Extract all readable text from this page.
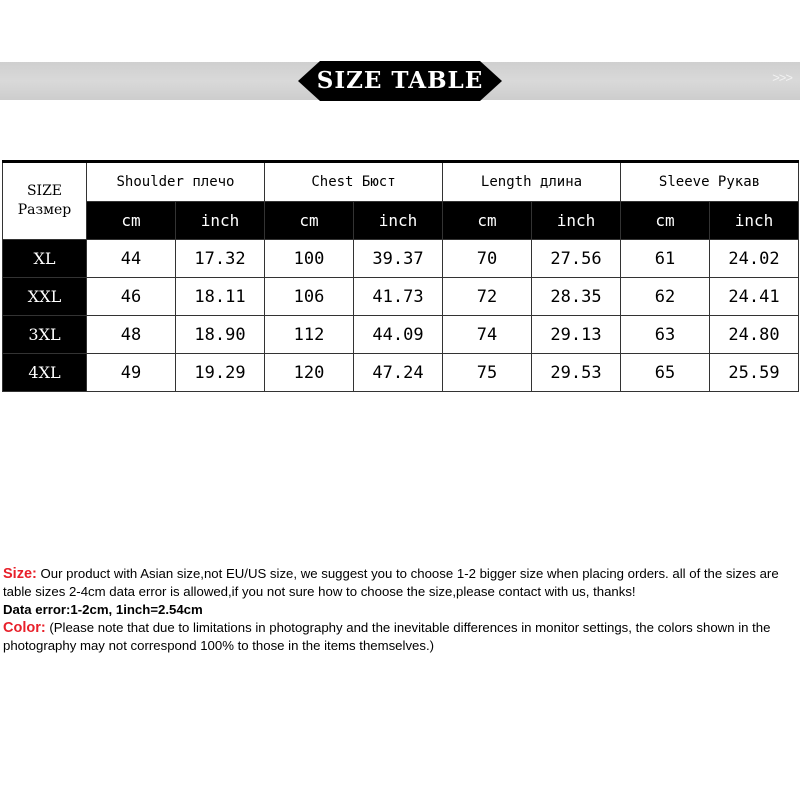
>>>
SIZE TABLE
SIZE
Размер	Shoulder плечо		Chest Бюст		Length длина		Sleeve Рукав	
	cm	inch	cm	inch	cm	inch	cm	inch
XL	44	17.32	100	39.37	70	27.56	61	24.02
XXL	46	18.11	106	41.73	72	28.35	62	24.41
3XL	48	18.90	112	44.09	74	29.13	63	24.80
4XL	49	19.29	120	47.24	75	29.53	65	25.59

Size: Our product with Asian size,not EU/US size, we suggest you to choose 1-2 bigger size when placing orders. all of the sizes are table sizes 2-4cm data error is allowed,if you not sure how to choose the size,please contact with us, thanks!

Data error:1-2cm, 1inch=2.54cm

Color: (Please note that due to limitations in photography and the inevitable differences in monitor settings, the colors shown in the photography may not correspond 100% to those in the items themselves.)
